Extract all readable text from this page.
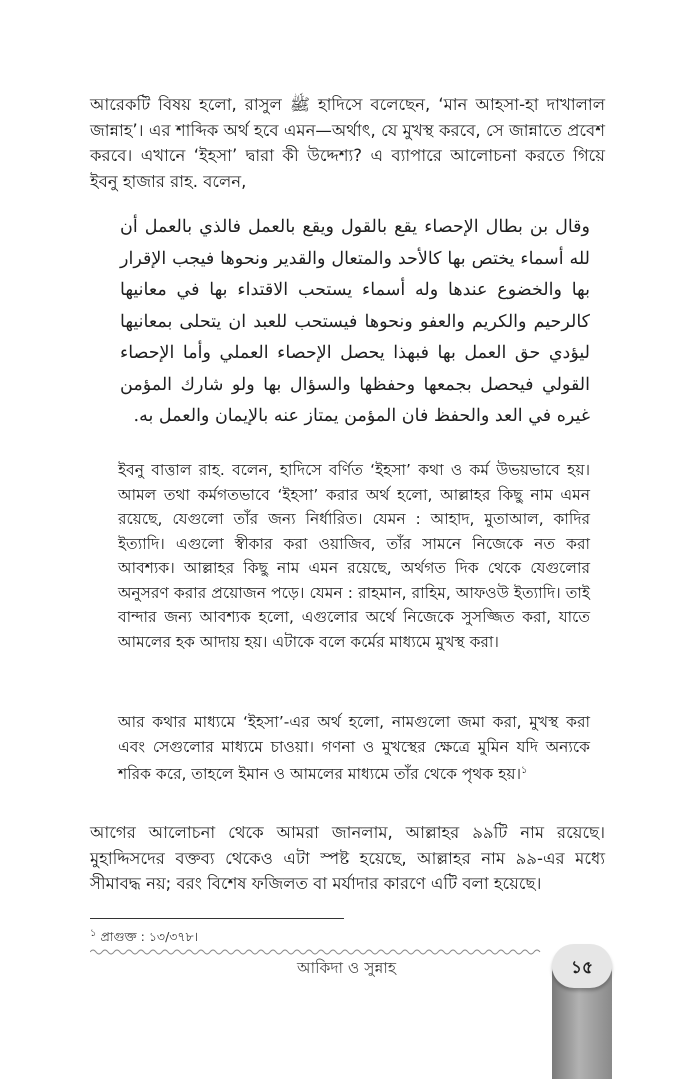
আরেকটি বিষয় হলো, রাসুল ﷺ হাদিসে বলেছেন, ‘মান আহসা-হা দাখালাল জান্নাহ’। এর শাব্দিক অর্থ হবে এমন—অর্থাৎ, যে মুখস্থ করবে, সে জান্নাতে প্রবেশ করবে। এখানে ‘ইহসা’ দ্বারা কী উদ্দেশ্য? এ ব্যাপারে আলোচনা করতে গিয়ে ইবনু হাজার রাহ. বলেন,

وقال بن بطال الإحصاء يقع بالقول ويقع بالعمل فالذي بالعمل أن لله أسماء يختص بها كالأحد والمتعال والقدير ونحوها فيجب الإقرار بها والخضوع عندها وله أسماء يستحب الاقتداء بها في معانيها كالرحيم والكريم والعفو ونحوها فيستحب للعبد ان يتحلى بمعانيها ليؤدي حق العمل بها فبهذا يحصل الإحصاء العملي وأما الإحصاء القولي فيحصل بجمعها وحفظها والسؤال بها ولو شارك المؤمن غيره في العد والحفظ فان المؤمن يمتاز عنه بالإيمان والعمل به.

ইবনু বাত্তাল রাহ. বলেন, হাদিসে বর্ণিত ‘ইহসা’ কথা ও কর্ম উভয়ভাবে হয়। আমল তথা কর্মগতভাবে ‘ইহসা’ করার অর্থ হলো, আল্লাহর কিছু নাম এমন রয়েছে, যেগুলো তাঁর জন্য নির্ধারিত। যেমন : আহাদ, মুতাআল, কাদির ইত্যাদি। এগুলো স্বীকার করা ওয়াজিব, তাঁর সামনে নিজেকে নত করা আবশ্যক। আল্লাহর কিছু নাম এমন রয়েছে, অর্থগত দিক থেকে যেগুলোর অনুসরণ করার প্রয়োজন পড়ে। যেমন : রাহমান, রাহিম, আফওউ ইত্যাদি। তাই বান্দার জন্য আবশ্যক হলো, এগুলোর অর্থে নিজেকে সুসজ্জিত করা, যাতে আমলের হক আদায় হয়। এটাকে বলে কর্মের মাধ্যমে মুখস্থ করা।

আর কথার মাধ্যমে ‘ইহসা’-এর অর্থ হলো, নামগুলো জমা করা, মুখস্থ করা এবং সেগুলোর মাধ্যমে চাওয়া। গণনা ও মুখস্থের ক্ষেত্রে মুমিন যদি অন্যকে শরিক করে, তাহলে ইমান ও আমলের মাধ্যমে তাঁর থেকে পৃথক হয়।$^১$

আগের আলোচনা থেকে আমরা জানলাম, আল্লাহর ৯৯টি নাম রয়েছে। মুহাদ্দিসদের বক্তব্য থেকেও এটা স্পষ্ট হয়েছে, আল্লাহর নাম ৯৯-এর মধ্যে সীমাবদ্ধ নয়; বরং বিশেষ ফজিলত বা মর্যাদার কারণে এটি বলা হয়েছে।

$^১$ প্রাগুক্ত : ১৩/৩৭৮।
আকিদা ও সুন্নাহ	১৫
